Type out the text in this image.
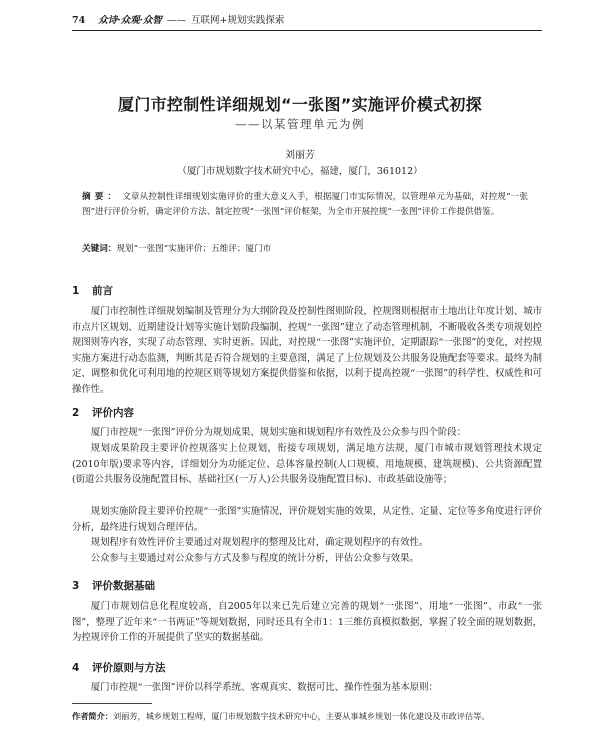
74 众诗·众观·众智 —— 互联网+规划实践探索
厦门市控制性详细规划“一张图”实施评价模式初探
——以某管理单元为例
刘丽芳
（厦门市规划数字技术研究中心，福建，厦门，361012）
摘要： 文章从控制性详细规划实施评价的重大意义入手，根据厦门市实际情况，以管理单元为基础，对控规“一张图”进行评价分析，确定评价方法、制定控规“一张图”评价框架，为全市开展控规“一张图”评价工作提供借鉴。
关键词：规划“一张图”实施评价；五维评；厦门市
1 前言

厦门市控制性详细规划编制及管理分为大纲阶段及控制性图则阶段，控规图则根据市土地出让年度计划、城市市点片区规划、近期建设计划等实施计划阶段编制，控规“一张图”建立了动态管理机制，不断吸收各类专项规划控规图则等内容，实现了动态管理、实时更新。因此，对控规“一张图”实施评价，定期跟踪“一张图”的变化，对控规实施方案进行动态监测，判断其是否符合规划的主要意图，满足了上位规划及公共服务设施配套等要求。最终为制定、调整和优化可利用地的控规区则等规划方案提供借鉴和依据，以利于提高控规“一张图”的科学性、权威性和可操作性。

2 评价内容

厦门市控规“一张图”评价分为规划成果、规划实施和规划程序有效性及公众参与四个阶段：

规划成果阶段主要评价控规落实上位规划，衔接专项规划，满足地方法规，厦门市城市规划管理技术规定(2010年版)要求等内容，详细划分为功能定位、总体容量控制(人口规模、用地规模、建筑规模)、公共资源配置(街道公共服务设施配置目标、基础社区(一万人)公共服务设施配置目标)、市政基础设施等；

规划实施阶段主要评价控规“一张图”实施情况，评价规划实施的效果，从定性、定量、定位等多角度进行评价分析，最终进行规划合理评估。

规划程序有效性评价主要通过对规划程序的整理及比对，确定规划程序的有效性。

公众参与主要通过对公众参与方式及参与程度的统计分析，评估公众参与效果。

3 评价数据基础

厦门市规划信息化程度较高，自2005年以来已先后建立完善的规划“一张图”、用地“一张图”、市政“一张图”，整理了近年来“一书两证”等规划数据，同时还具有全市1：1三维仿真模拟数据，掌握了较全面的规划数据，为控规评价工作的开展提供了坚实的数据基础。

4 评价原则与方法

厦门市控规“一张图”评价以科学系统、客观真实、数据可比、操作性强为基本原则：

作者简介：刘丽芳，城乡规划工程师，厦门市规划数字技术研究中心，主要从事城乡规划一体化建设及市政评估等。
